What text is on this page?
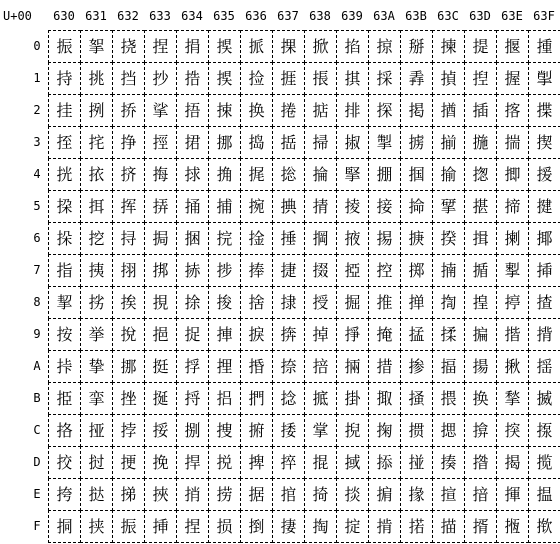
U+00	630 631 632 633 634 635 636 637 638 639 63A 63B 63C 63D 63E 63F
0
1
2
3
4
5
6
7
8
9
A
B
C
D
E
F
振 挐 挠 捏 捐 捑 挀 捰 掀 掐 掠 掰 揀 提 揠 揰
持 挑 挡 抄 捁 捑 捡 捱 掁 掑 採 掱 揁 揑 握 揱
挂 挒 挢 挲 捂 捒 换 捲 掂 排 探 掲 揂 插 揢 揲
挃 挓 挣 挳 捃 挪 捣 捳 掃 掓 掣 掳 揃 揓 揣 揳
挄 挔 挤 挴 捄 捔 捤 捴 掄 掔 掤 掴 揄 揔 揤 援
挅 挕 挥 挵 捅 捕 捥 捵 掅 掕 接 掵 揅 揕 揥 揵
挆 挖 挦 挶 捆 捖 捦 捶 掆 掖 掦 掶 揆 揖 揦 揶
指 挗 挧 挷 捇 捗 捧 捷 掇 掗 控 掷 揇 揗 揧 揷
挈 挘 挨 挸 捈 捘 捨 捸 授 掘 推 掸 揈 揘 揨 揸
按 挙 挩 挹 捉 捙 捩 捹 掉 掙 掩 掹 揉 揙 揩 揹
挊 挚 挪 挺 捊 捚 捪 捺 掊 掚 措 掺 揊 揚 揪 揺
挋 挛 挫 挻 捋 捛 捫 捻 掋 掛 掫 掻 揋 换 揫 揻
挌 挜 挬 挼 捌 捜 捬 捼 掌 掜 掬 掼 揌 揜 揬 揼
挍 挝 挭 挽 捍 捝 捭 捽 掍 掝 掭 掽 揍 揝 揭 揽
挎 挞 挮 挾 捎 捞 据 捾 掎 掞 掮 掾 揎 揞 揮 揾
挏 挟 振 挿 捏 损 捯 捿 掏 掟 掯 掿 描 揟 揯 揿
